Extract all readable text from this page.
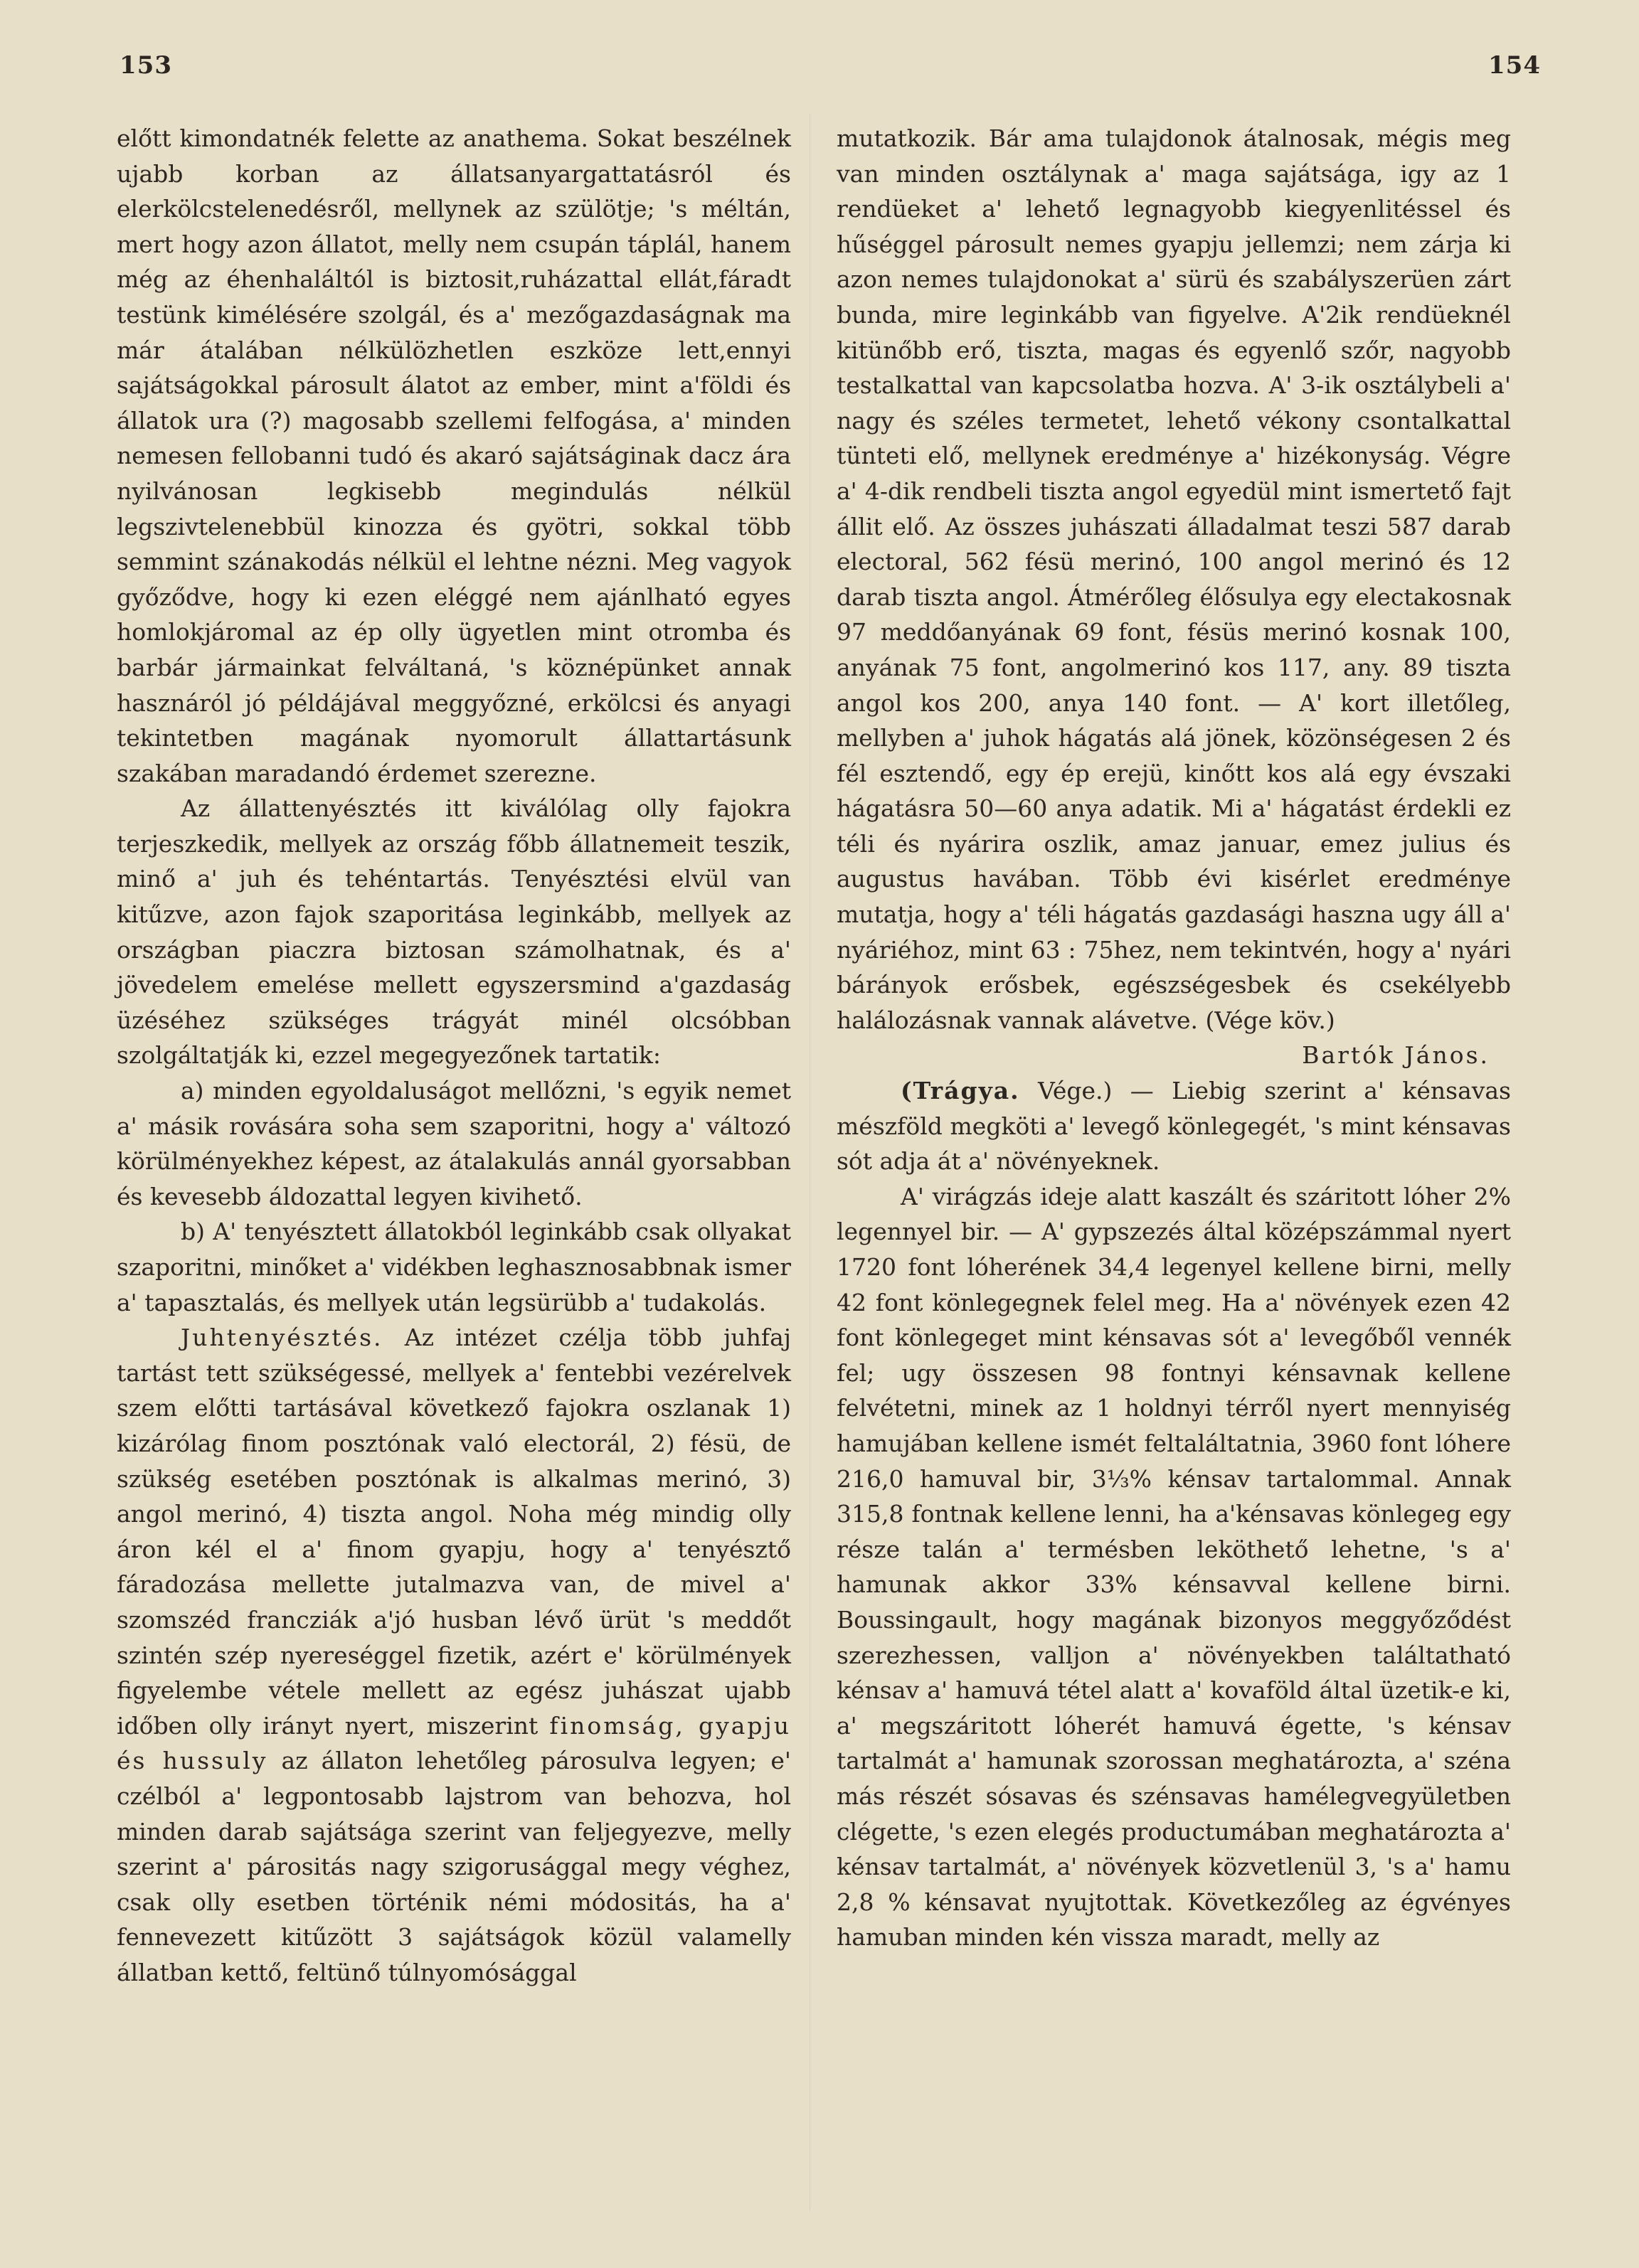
153	154

előtt kimondatnék felette az anathema. Sokat beszélnek ujabb korban az állatsanyargattatásról és elerkölcstelenedésről, mellynek az szülötje; 's méltán, mert hogy azon állatot, melly nem csupán táplál, hanem még az éhenhaláltól is biztosit,ruházattal ellát,fáradt testünk kimélésére szolgál, és a' mezőgazdaságnak ma már átalában nélkülözhetlen eszköze lett,ennyi sajátságokkal párosult álatot az ember, mint a'földi és állatok ura (?) magosabb szellemi felfogása, a' minden nemesen fellobanni tudó és akaró sajátságinak dacz ára nyilvánosan legkisebb megindulás nélkül legszivtelenebbül kinozza és gyötri, sokkal több semmint szánakodás nélkül el lehtne nézni. Meg vagyok győződve, hogy ki ezen eléggé nem ajánlható egyes homlokjáromal az ép olly ügyetlen mint otromba és barbár jármainkat felváltaná, 's köznépünket annak hasznáról jó példájával meggyőzné, erkölcsi és anyagi tekintetben magának nyomorult állattartásunk szakában maradandó érdemet szerezne.

Az állattenyésztés itt kiválólag olly fajokra terjeszkedik, mellyek az ország főbb állatnemeit teszik, minő a' juh és tehéntartás. Tenyésztési elvül van kitűzve, azon fajok szaporitása leginkább, mellyek az országban piaczra biztosan számolhatnak, és a' jövedelem emelése mellett egyszersmind a'gazdaság üzéséhez szükséges trágyát minél olcsóbban szolgáltatják ki, ezzel megegyezőnek tartatik:

a) minden egyoldaluságot mellőzni, 's egyik nemet a' másik rovására soha sem szaporitni, hogy a' változó körülményekhez képest, az átalakulás annál gyorsabban és kevesebb áldozattal legyen kivihető.

b) A' tenyésztett állatokból leginkább csak ollyakat szaporitni, minőket a' vidékben leghasznosabbnak ismer a' tapasztalás, és mellyek után legsürübb a' tudakolás.

Juhtenyésztés. Az intézet czélja több juhfaj tartást tett szükségessé, mellyek a' fentebbi vezérelvek szem előtti tartásával következő fajokra oszlanak 1) kizárólag finom posztónak való electorál, 2) fésü, de szükség esetében posztónak is alkalmas merinó, 3) angol merinó, 4) tiszta angol. Noha még mindig olly áron kél el a' finom gyapju, hogy a' tenyésztő fáradozása mellette jutalmazva van, de mivel a' szomszéd francziák a'jó husban lévő ürüt 's meddőt szintén szép nyereséggel fizetik, azért e' körülmények figyelembe vétele mellett az egész juhászat ujabb időben olly irányt nyert, miszerint finomság, gyapju és hussuly az állaton lehetőleg párosulva legyen; e' czélból a' legpontosabb lajstrom van behozva, hol minden darab sajátsága szerint van feljegyezve, melly szerint a' párositás nagy szigorusággal megy véghez, csak olly esetben történik némi módositás, ha a' fennevezett kitűzött 3 sajátságok közül valamelly állatban kettő, feltünő túlnyomósággal

mutatkozik. Bár ama tulajdonok átalnosak, mégis meg van minden osztálynak a' maga sajátsága, igy az 1 rendüeket a' lehető legnagyobb kiegyenlitéssel és hűséggel párosult nemes gyapju jellemzi; nem zárja ki azon nemes tulajdonokat a' sürü és szabályszerüen zárt bunda, mire leginkább van figyelve. A'2ik rendüeknél kitünőbb erő, tiszta, magas és egyenlő szőr, nagyobb testalkattal van kapcsolatba hozva. A' 3-ik osztálybeli a' nagy és széles termetet, lehető vékony csontalkattal tünteti elő, mellynek eredménye a' hizékonyság. Végre a' 4-dik rendbeli tiszta angol egyedül mint ismertető fajt állit elő. Az összes juhászati álladalmat teszi 587 darab electoral, 562 fésü merinó, 100 angol merinó és 12 darab tiszta angol. Átmérőleg élősulya egy electakosnak 97 meddőanyának 69 font, fésüs merinó kosnak 100, anyának 75 font, angolmerinó kos 117, any. 89 tiszta angol kos 200, anya 140 font. — A' kort illetőleg, mellyben a' juhok hágatás alá jönek, közönségesen 2 és fél esztendő, egy ép erejü, kinőtt kos alá egy évszaki hágatásra 50—60 anya adatik. Mi a' hágatást érdekli ez téli és nyárira oszlik, amaz januar, emez julius és augustus havában. Több évi kisérlet eredménye mutatja, hogy a' téli hágatás gazdasági haszna ugy áll a' nyáriéhoz, mint 63 : 75hez, nem tekintvén, hogy a' nyári bárányok erősbek, egészségesbek és csekélyebb halálozásnak vannak alávetve. (Vége köv.)

Bartók János.

(Trágya. Vége.) — Liebig szerint a' kénsavas mészföld megköti a' levegő könlegegét, 's mint kénsavas sót adja át a' növényeknek.

A' virágzás ideje alatt kaszált és száritott lóher 2% legennyel bir. — A' gypszezés által középszámmal nyert 1720 font lóherének 34,4 legenyel kellene birni, melly 42 font könlegegnek felel meg. Ha a' növények ezen 42 font könlegeget mint kénsavas sót a' levegőből vennék fel; ugy összesen 98 fontnyi kénsavnak kellene felvétetni, minek az 1 holdnyi térről nyert mennyiség hamujában kellene ismét feltaláltatnia, 3960 font lóhere 216,0 hamuval bir, 3⅓% kénsav tartalommal. Annak 315,8 fontnak kellene lenni, ha a'kénsavas könlegeg egy része talán a' termésben leköthető lehetne, 's a' hamunak akkor 33% kénsavval kellene birni. Boussingault, hogy magának bizonyos meggyőződést szerezhessen, valljon a' növényekben találtatható kénsav a' hamuvá tétel alatt a' kovaföld által üzetik-e ki, a' megszáritott lóherét hamuvá égette, 's kénsav tartalmát a' hamunak szorossan meghatározta, a' széna más részét sósavas és szénsavas hamélegvegyületben clégette, 's ezen elegés productumában meghatározta a' kénsav tartalmát, a' növények közvetlenül 3, 's a' hamu 2,8 % kénsavat nyujtottak. Következőleg az égvényes hamuban minden kén vissza maradt, melly az
